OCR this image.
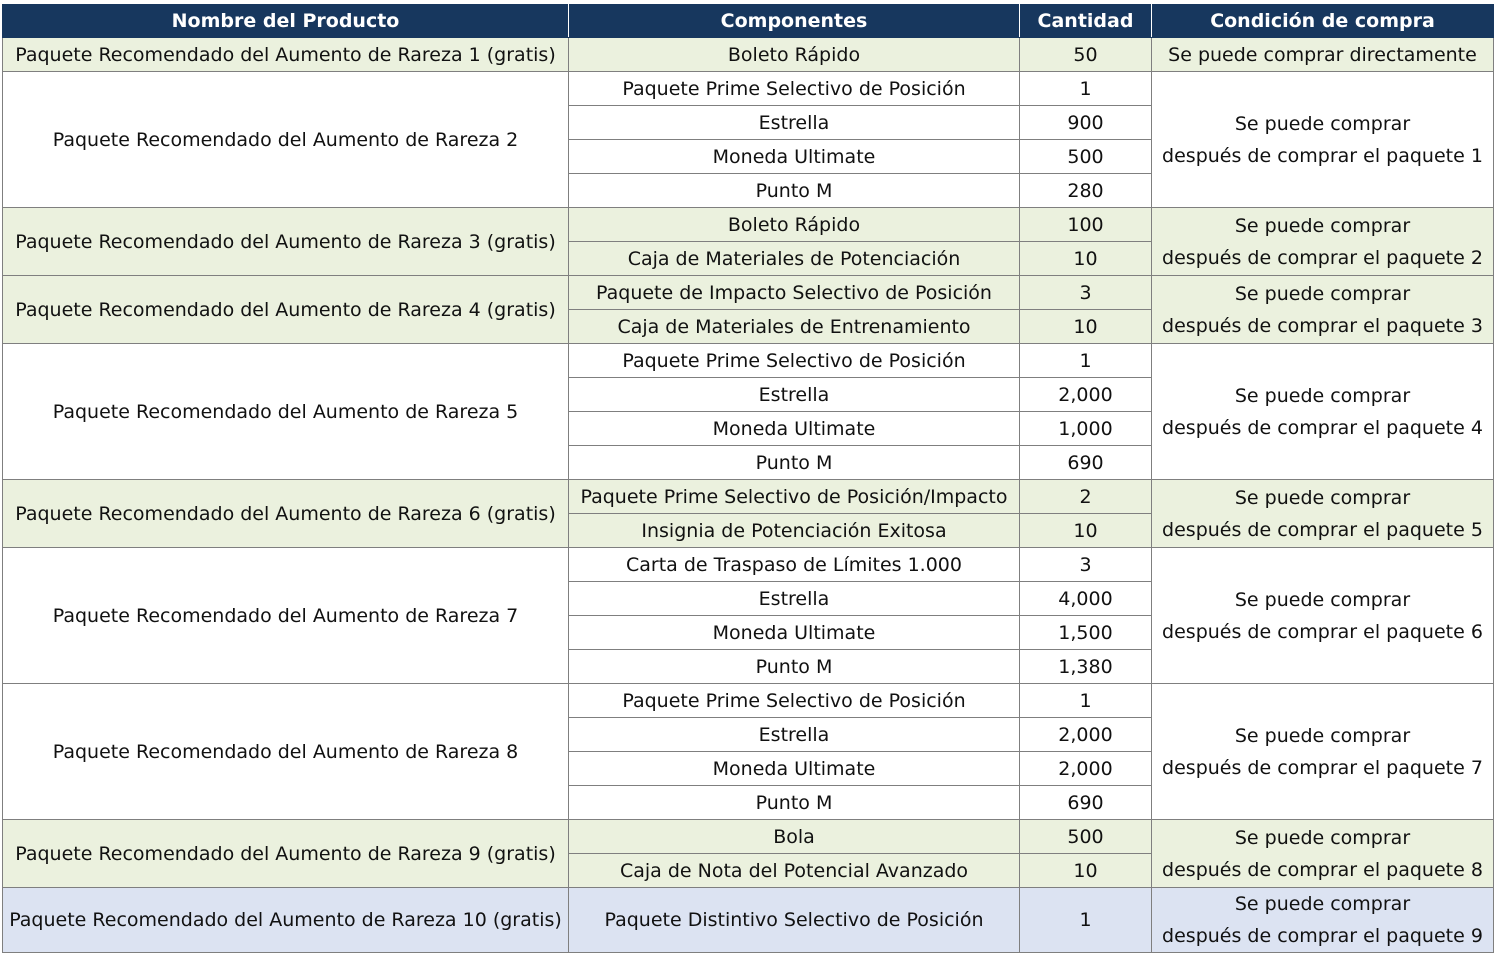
Nombre del Producto	Componentes	Cantidad	Condición de compra
Paquete Recomendado del Aumento de Rareza 1 (gratis)	Boleto Rápido	50	Se puede comprar directamente

Paquete Recomendado del Aumento de Rareza 2	Paquete Prime Selectivo de Posición	1	Se puede comprar
después de comprar el paquete 1

	Estrella	900	
	Moneda Ultimate	500	
	Punto M	280	
Paquete Recomendado del Aumento de Rareza 3 (gratis)	Boleto Rápido	100	Se puede comprar
después de comprar el paquete 2

	Caja de Materiales de Potenciación	10	
Paquete Recomendado del Aumento de Rareza 4 (gratis)	Paquete de Impacto Selectivo de Posición	3	Se puede comprar
después de comprar el paquete 3

	Caja de Materiales de Entrenamiento	10	
Paquete Recomendado del Aumento de Rareza 5	Paquete Prime Selectivo de Posición	1	Se puede comprar
después de comprar el paquete 4

	Estrella	2,000	
	Moneda Ultimate	1,000	
	Punto M	690	
Paquete Recomendado del Aumento de Rareza 6 (gratis)	Paquete Prime Selectivo de Posición/Impacto	2	Se puede comprar
después de comprar el paquete 5

	Insignia de Potenciación Exitosa	10	
Paquete Recomendado del Aumento de Rareza 7	Carta de Traspaso de Límites 1.000	3	Se puede comprar
después de comprar el paquete 6

	Estrella	4,000	
	Moneda Ultimate	1,500	
	Punto M	1,380	
Paquete Recomendado del Aumento de Rareza 8	Paquete Prime Selectivo de Posición	1	Se puede comprar
después de comprar el paquete 7

	Estrella	2,000	
	Moneda Ultimate	2,000	
	Punto M	690	
Paquete Recomendado del Aumento de Rareza 9 (gratis)	Bola	500	Se puede comprar
después de comprar el paquete 8

	Caja de Nota del Potencial Avanzado	10	
Paquete Recomendado del Aumento de Rareza 10 (gratis)	Paquete Distintivo Selectivo de Posición	1	Se puede comprar
después de comprar el paquete 9
